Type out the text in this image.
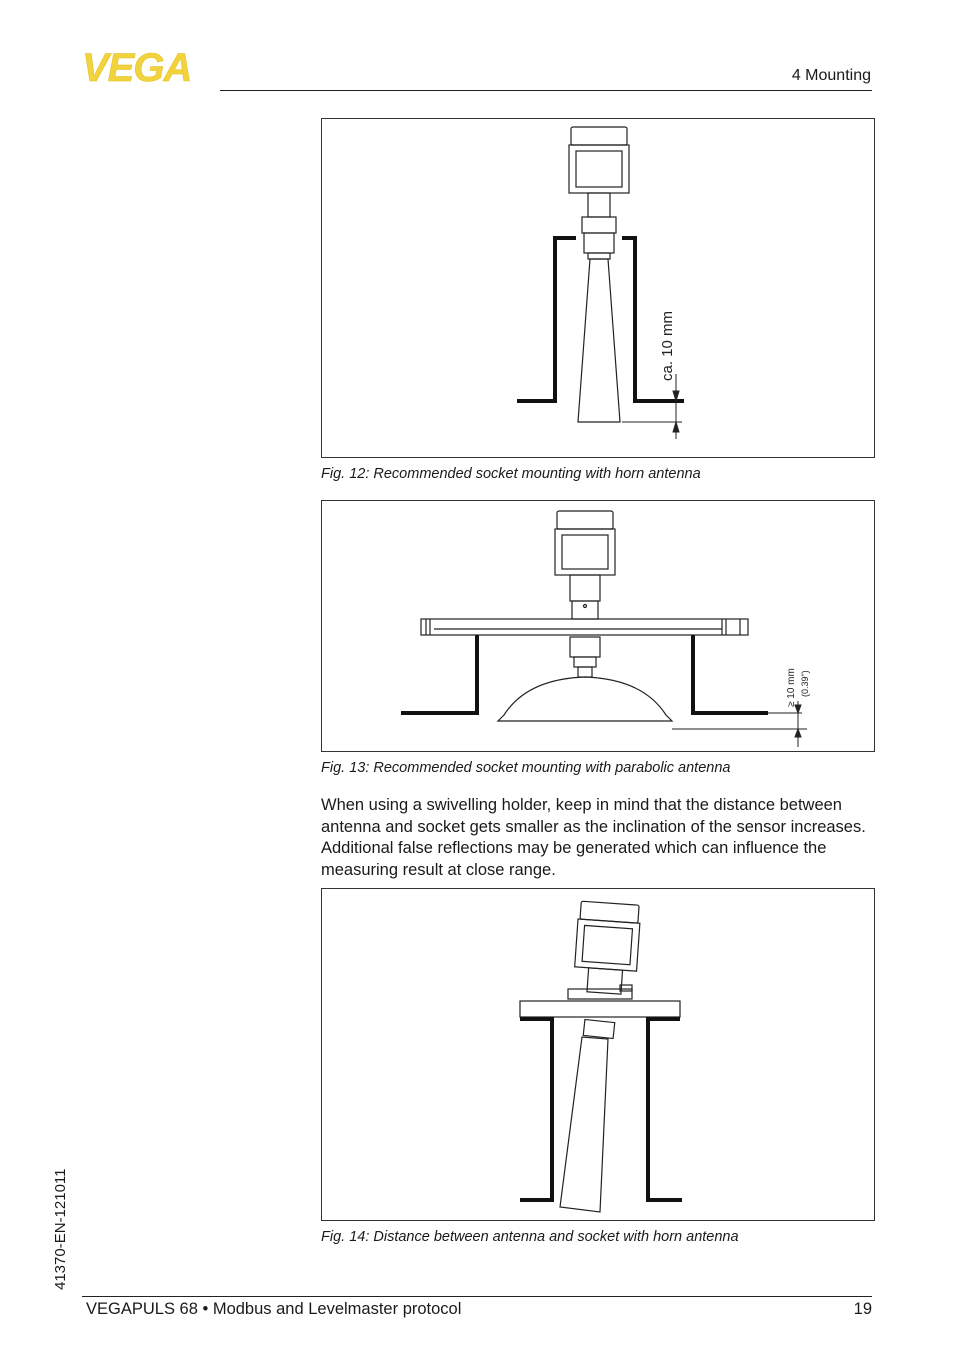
VEGA	4 Mounting
ca. 10 mm
Fig. 12: Recommended socket mounting with horn antenna
≥ 10 mm (0.39")
Fig. 13: Recommended socket mounting with parabolic antenna
When using a swivelling holder, keep in mind that the distance between antenna and socket gets smaller as the inclination of the sensor increases. Additional false reflections may be generated which can influence the measuring result at close range.
Fig. 14: Distance between antenna and socket with horn antenna
41370-EN-121011
VEGAPULS 68 • Modbus and Levelmaster protocol	19
